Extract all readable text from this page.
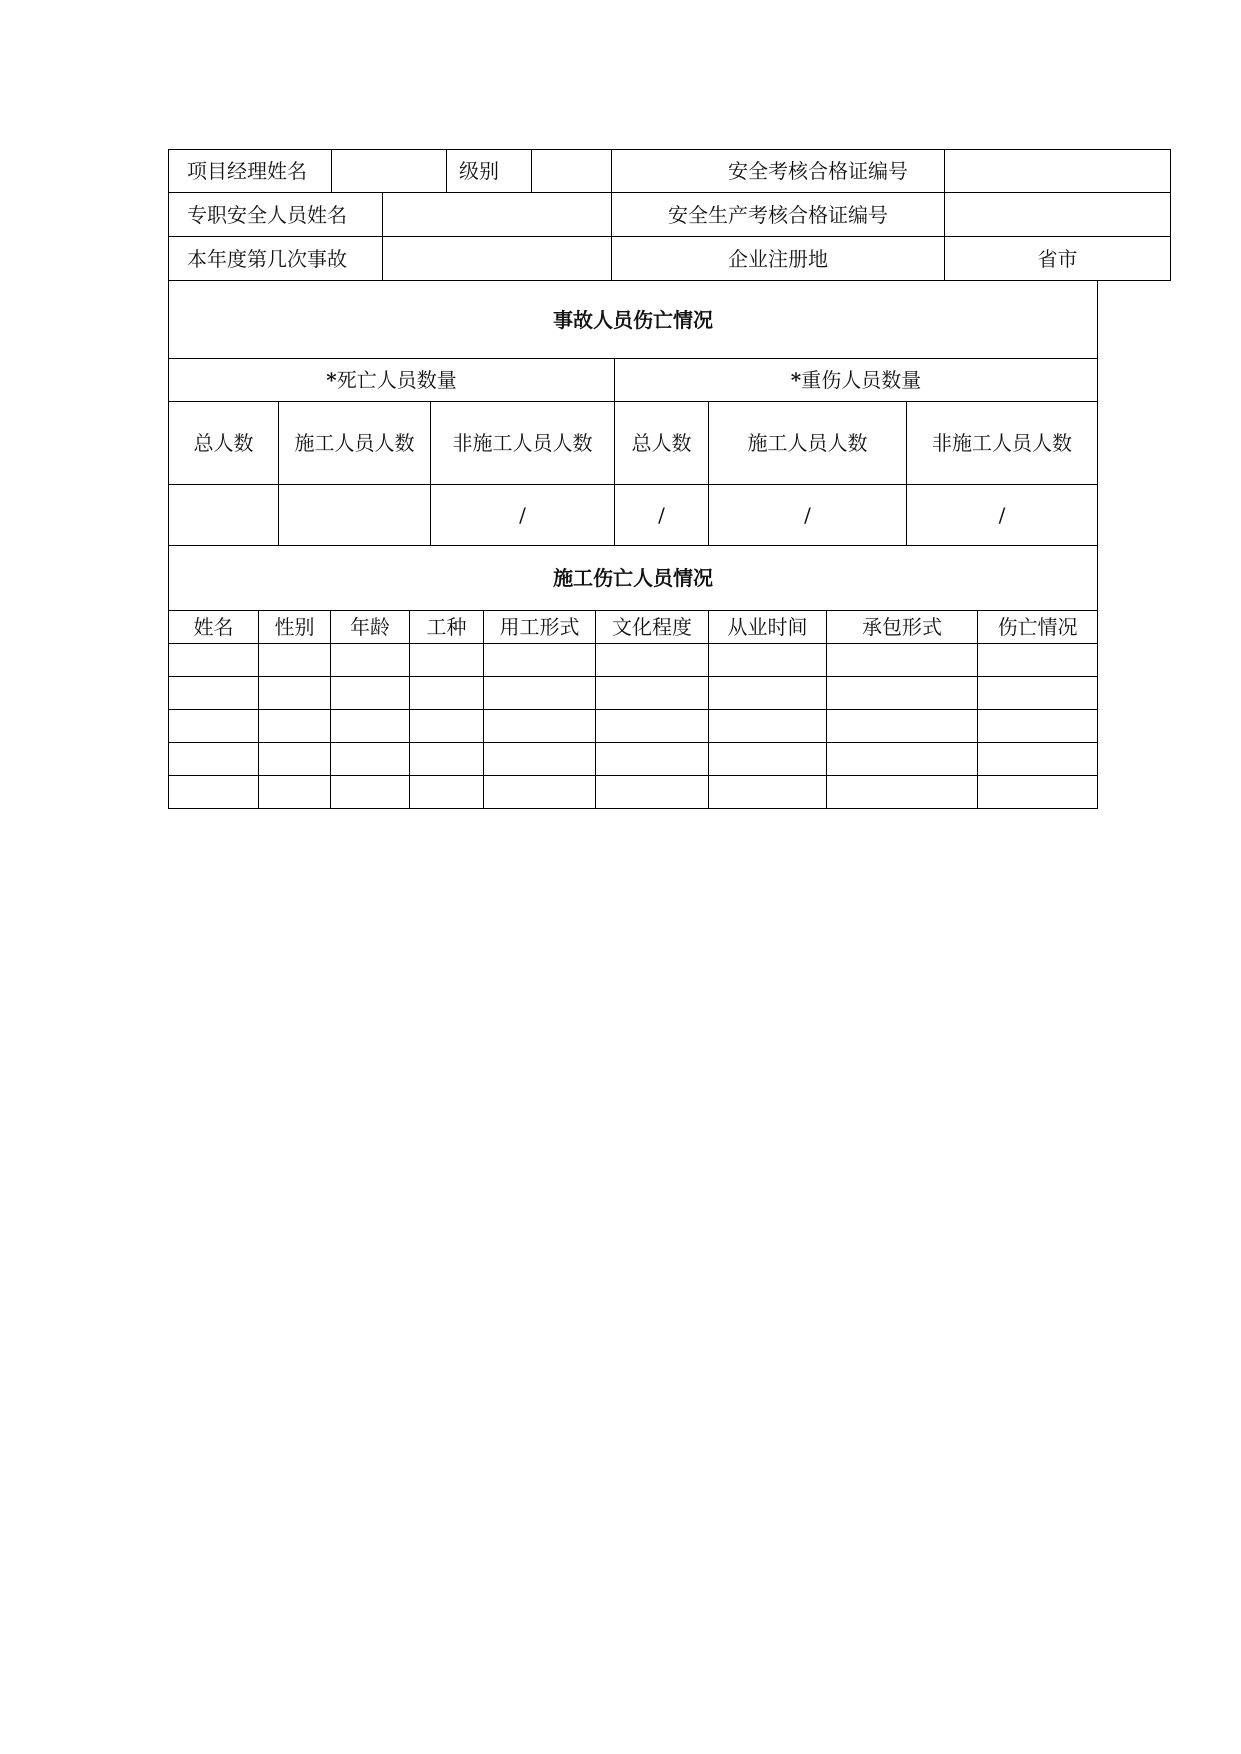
项目经理姓名			级别		安全考核合格证编号	
专职安全人员姓名					安全生产考核合格证编号	
本年度第几次事故					企业注册地	省市
事故人员伤亡情况					
*死亡人员数量			*重伤人员数量		
总人数	施工人员人数	非施工人员人数	总人数	施工人员人数	非施工人员人数
		/	/	/	/
施工伤亡人员情况								
姓名	性别	年龄	工种	用工形式	文化程度	从业时间	承包形式	伤亡情况
